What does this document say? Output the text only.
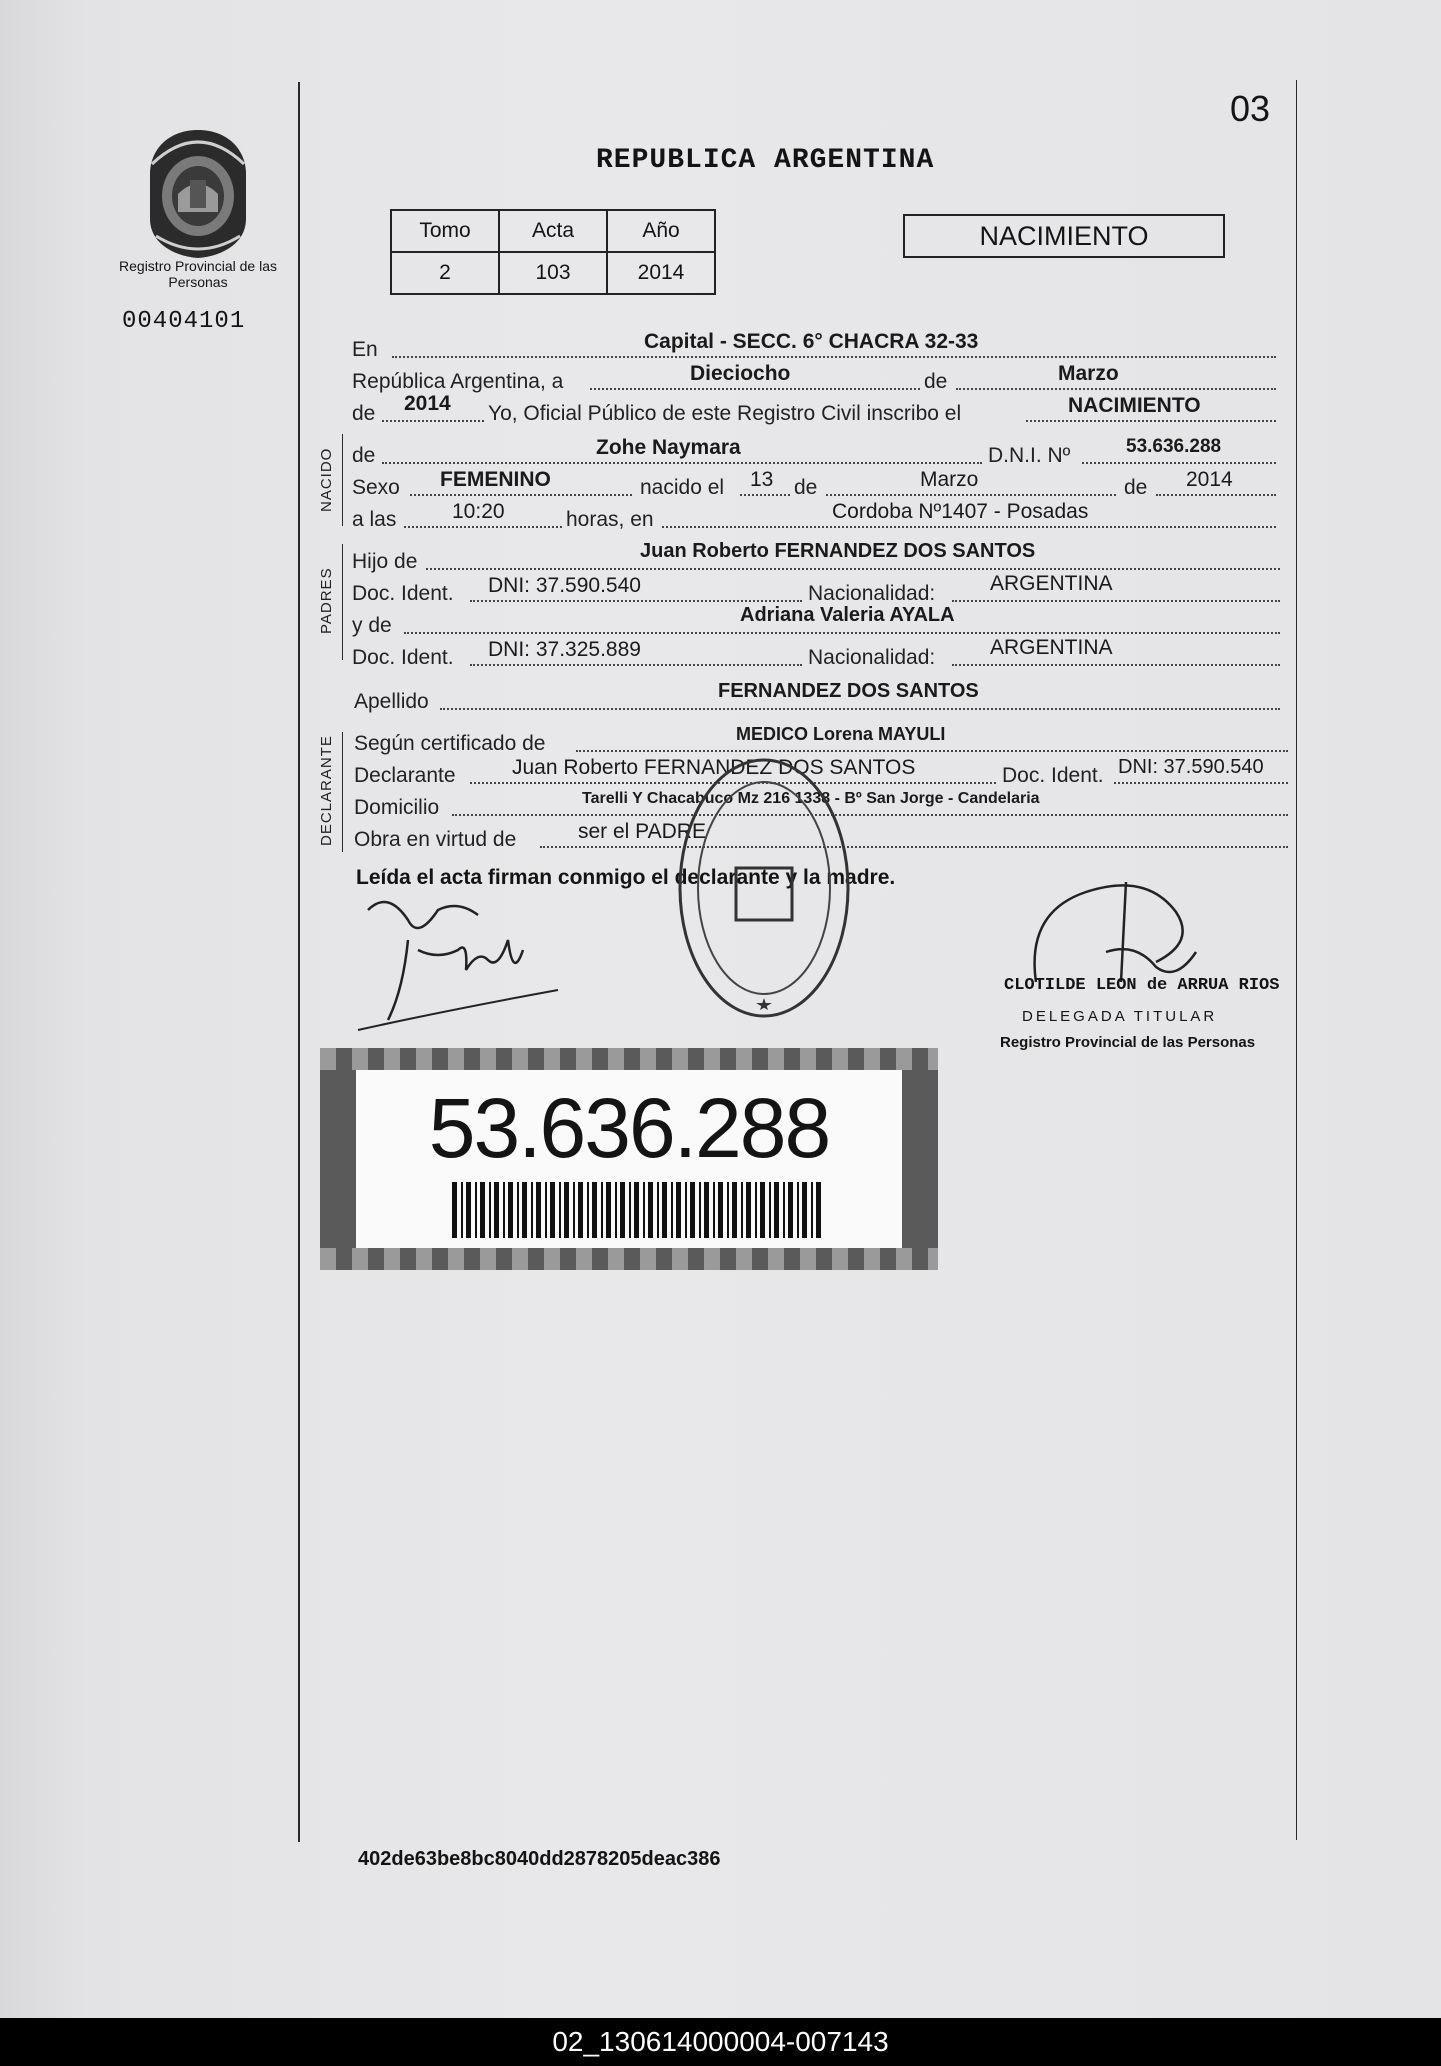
Registro Provincial de las Personas
00404101
03
REPUBLICA ARGENTINA
Tomo	Acta	Año
2	103	2014
NACIMIENTO
En	Capital - SECC. 6° CHACRA 32-33
República Argentina, a	Dieciocho	de	Marzo
de 2014 Yo, Oficial Público de este Registro Civil inscribo el	NACIMIENTO
NACIDO de	Zohe Naymara	D.N.I. Nº	53.636.288
Sexo FEMENINO	nacido el 13 de	Marzo	de 2014
a las	10:20	horas, en	Cordoba Nº1407 - Posadas
PADRES
Hijo de	Juan Roberto FERNANDEZ DOS SANTOS
Doc. Ident. DNI: 37.590.540	Nacionalidad:	ARGENTINA
y de	Adriana Valeria AYALA
Doc. Ident. DNI: 37.325.889	Nacionalidad:	ARGENTINA
Apellido	FERNANDEZ DOS SANTOS
DECLARANTE Según certificado de	MEDICO Lorena MAYULI
Declarante	Juan Roberto FERNANDEZ DOS SANTOS	Doc. Ident. DNI: 37.590.540
Domicilio	Tarelli Y Chacabuco Mz 216 1338 - Bº San Jorge - Candelaria
Obra en virtud de	ser el PADRE
Leída el acta firman conmigo el declarante y la madre.
CLOTILDE LEON de ARRUA RIOS
DELEGADA TITULAR
Registro Provincial de las Personas
53.636.288
402de63be8bc8040dd2878205deac386
02_130614000004-007143
